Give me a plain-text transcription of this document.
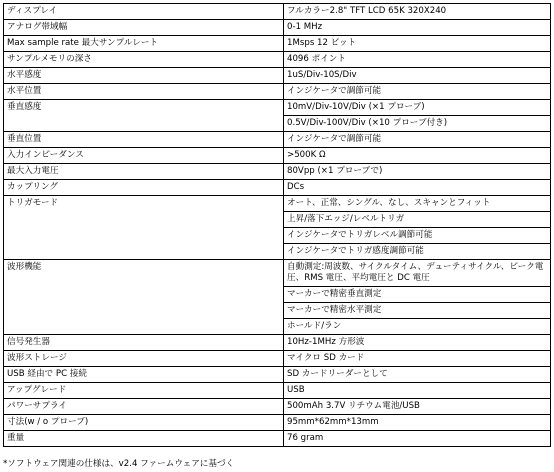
ディスプレイ	フルカラー2.8" TFT LCD 65K 320X240
アナログ帯域幅	0-1 MHz
Max sample rate 最大サンプルレート	1Msps 12 ビット
サンプルメモリの深さ	4096 ポイント
水平感度	1uS/Div-10S/Div
水平位置	インジケータで調節可能
垂直感度	10mV/Div-10V/Div (×1 プローブ)
	0.5V/Div-100V/Div (×10 プローブ付き)
垂直位置	インジケータで調節可能
入力インピーダンス	>500K Ω
最大入力電圧	80Vpp (×1 プローブで)
カップリング	DCs
トリガモード	オート、正常、シングル、なし、スキャンとフィット
	上昇/落下エッジ/レベルトリガ
	インジケータでトリガレベル調節可能
	インジケータでトリガ感度調節可能
波形機能	自動測定:周波数、サイクルタイム、デューティサイクル、ピーク電圧、RMS 電圧、平均電圧と DC 電圧
	マーカーで精密垂直測定
	マーカーで精密水平測定
	ホールド/ラン
信号発生器	10Hz-1MHz 方形波
波形ストレージ	マイクロ SD カード
USB 経由で PC 接続	SD カードリーダーとして
アップグレード	USB
パワーサプライ	500mAh 3.7V リチウム電池/USB
寸法(w / o プローブ)	95mm*62mm*13mm
重量	76 gram
*ソフトウェア関連の仕様は、v2.4 ファームウェアに基づく
